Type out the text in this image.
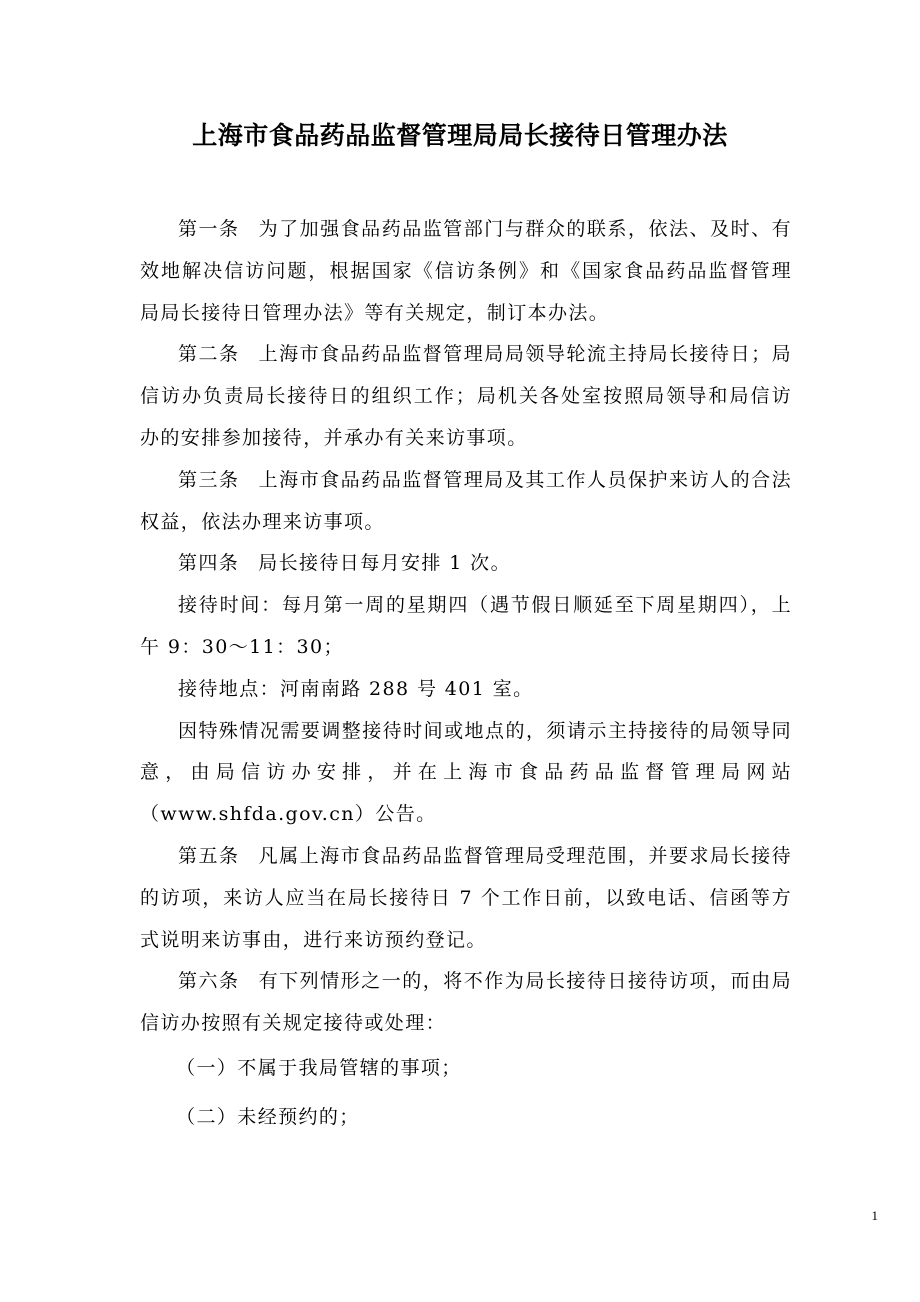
上海市食品药品监督管理局局长接待日管理办法

第一条 为了加强食品药品监管部门与群众的联系，依法、及时、有效地解决信访问题，根据国家《信访条例》和《国家食品药品监督管理局局长接待日管理办法》等有关规定，制订本办法。

第二条 上海市食品药品监督管理局局领导轮流主持局长接待日；局信访办负责局长接待日的组织工作；局机关各处室按照局领导和局信访办的安排参加接待，并承办有关来访事项。

第三条 上海市食品药品监督管理局及其工作人员保护来访人的合法权益，依法办理来访事项。

第四条 局长接待日每月安排 1 次。

接待时间：每月第一周的星期四（遇节假日顺延至下周星期四），上午 9：30～11：30；

接待地点：河南南路 288 号 401 室。

因特殊情况需要调整接待时间或地点的，须请示主持接待的局领导同意，由局信访办安排，并在上海市食品药品监督管理局网站（www.shfda.gov.cn）公告。

第五条 凡属上海市食品药品监督管理局受理范围，并要求局长接待的访项，来访人应当在局长接待日 7 个工作日前，以致电话、信函等方式说明来访事由，进行来访预约登记。

第六条 有下列情形之一的，将不作为局长接待日接待访项，而由局信访办按照有关规定接待或处理：

（一）不属于我局管辖的事项；

（二）未经预约的；

1
